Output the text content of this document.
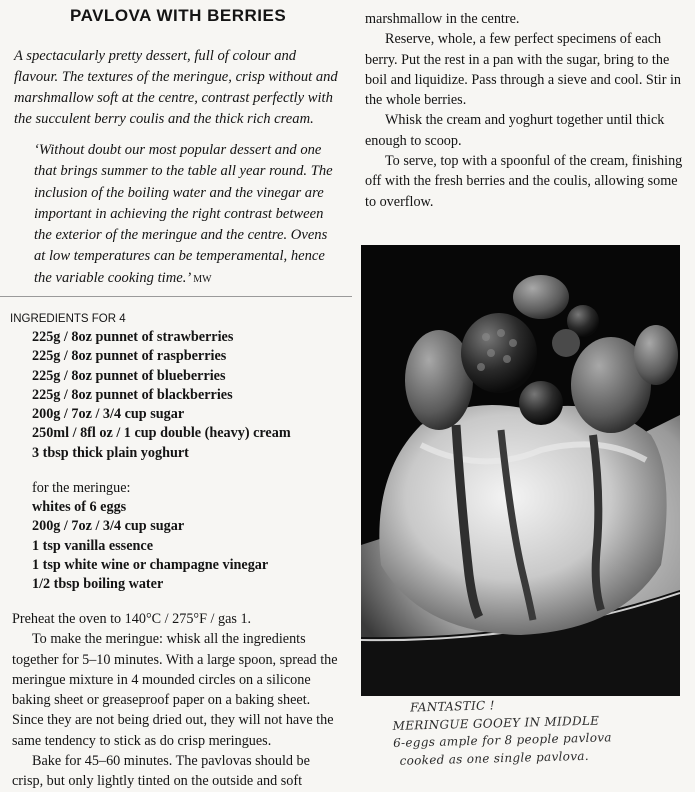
PAVLOVA WITH BERRIES
A spectacularly pretty dessert, full of colour and flavour. The textures of the meringue, crisp without and marshmallow soft at the centre, contrast perfectly with the succulent berry coulis and the thick rich cream.
‘Without doubt our most popular dessert and one that brings summer to the table all year round. The inclusion of the boiling water and the vinegar are important in achieving the right contrast between the exterior of the meringue and the centre. Ovens at low temperatures can be temperamental, hence the variable cooking time.’ MW
INGREDIENTS FOR 4
225g / 8oz punnet of strawberries
225g / 8oz punnet of raspberries
225g / 8oz punnet of blueberries
225g / 8oz punnet of blackberries
200g / 7oz / 3/4 cup sugar
250ml / 8fl oz / 1 cup double (heavy) cream
3 tbsp thick plain yoghurt
for the meringue:
whites of 6 eggs
200g / 7oz / 3/4 cup sugar
1 tsp vanilla essence
1 tsp white wine or champagne vinegar
1/2 tbsp boiling water

Preheat the oven to 140°C / 275°F / gas 1.

To make the meringue: whisk all the ingredients together for 5–10 minutes. With a large spoon, spread the meringue mixture in 4 mounded circles on a silicone baking sheet or greaseproof paper on a baking sheet. Since they are not being dried out, they will not have the same tendency to stick as do crisp meringues.

Bake for 45–60 minutes. The pavlovas should be crisp, but only lightly tinted on the outside and soft

marshmallow in the centre.

Reserve, whole, a few perfect specimens of each berry. Put the rest in a pan with the sugar, bring to the boil and liquidize. Pass through a sieve and cool. Stir in the whole berries.

Whisk the cream and yoghurt together until thick enough to scoop.

To serve, top with a spoonful of the cream, finishing off with the fresh berries and the coulis, allowing some to overflow.

FANTASTIC !
MERINGUE GOOEY IN MIDDLE
6-eggs ample for 8 people pavlova
cooked as one single pavlova.
